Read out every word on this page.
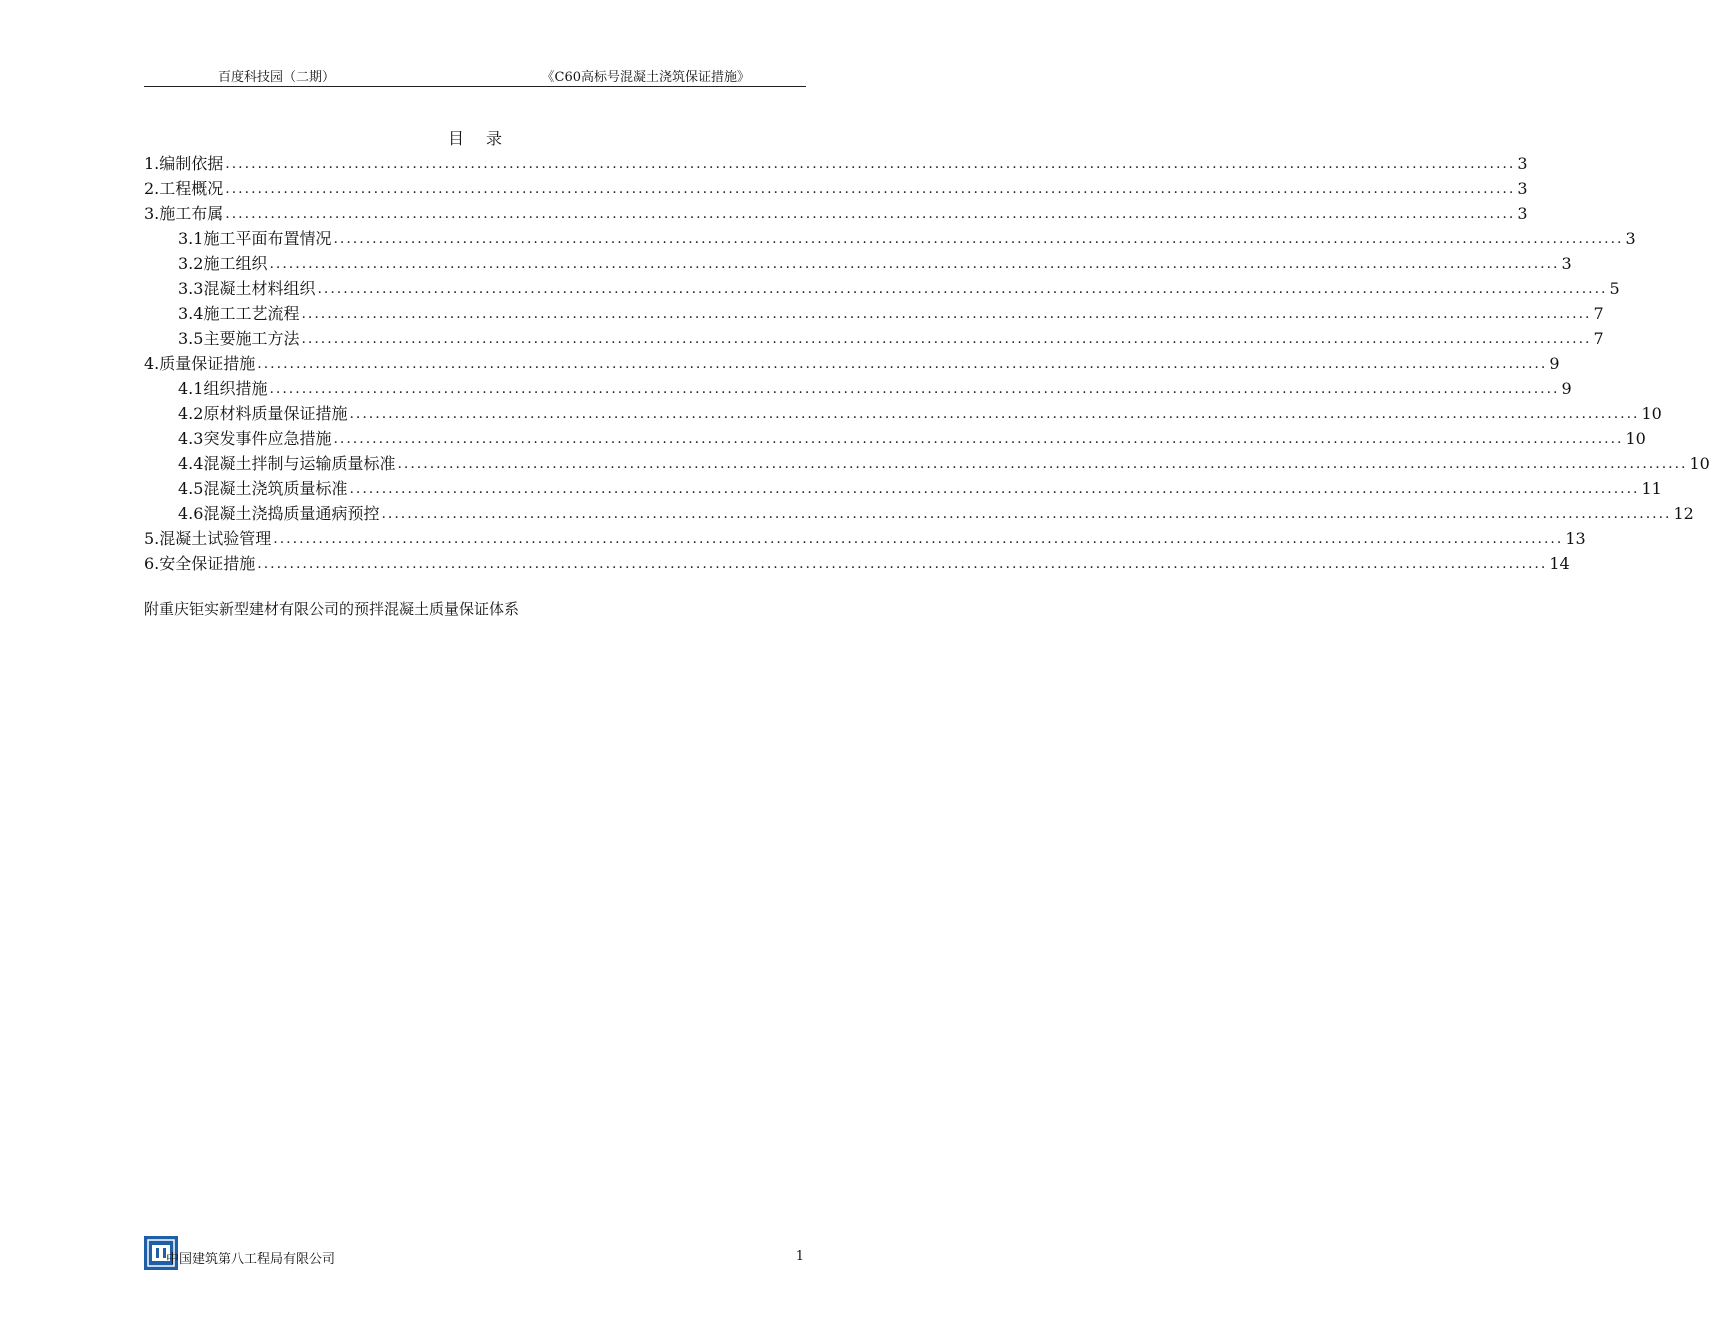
百度科技园（二期）	《C60高标号混凝土浇筑保证措施》
目录
1.编制依据 ........................................................................................................................................................................................................ 3
2.工程概况 ........................................................................................................................................................................................................ 3
3.施工布属 ........................................................................................................................................................................................................ 3
3.1施工平面布置情况 ........................................................................................................................................................................................................ 3
3.2施工组织 ........................................................................................................................................................................................................ 3
3.3混凝土材料组织 ........................................................................................................................................................................................................ 5
3.4施工工艺流程 ........................................................................................................................................................................................................ 7
3.5主要施工方法 ........................................................................................................................................................................................................ 7
4.质量保证措施 ........................................................................................................................................................................................................ 9
4.1组织措施 ........................................................................................................................................................................................................ 9
4.2原材料质量保证措施 ........................................................................................................................................................................................................ 10
4.3突发事件应急措施 ........................................................................................................................................................................................................ 10
4.4混凝土拌制与运输质量标准 ........................................................................................................................................................................................................ 10
4.5混凝土浇筑质量标准 ........................................................................................................................................................................................................ 11
4.6混凝土浇捣质量通病预控 ........................................................................................................................................................................................................ 12
5.混凝土试验管理 ........................................................................................................................................................................................................ 13
6.安全保证措施 ........................................................................................................................................................................................................ 14
附重庆钜实新型建材有限公司的预拌混凝土质量保证体系
中国建筑第八工程局有限公司	1
